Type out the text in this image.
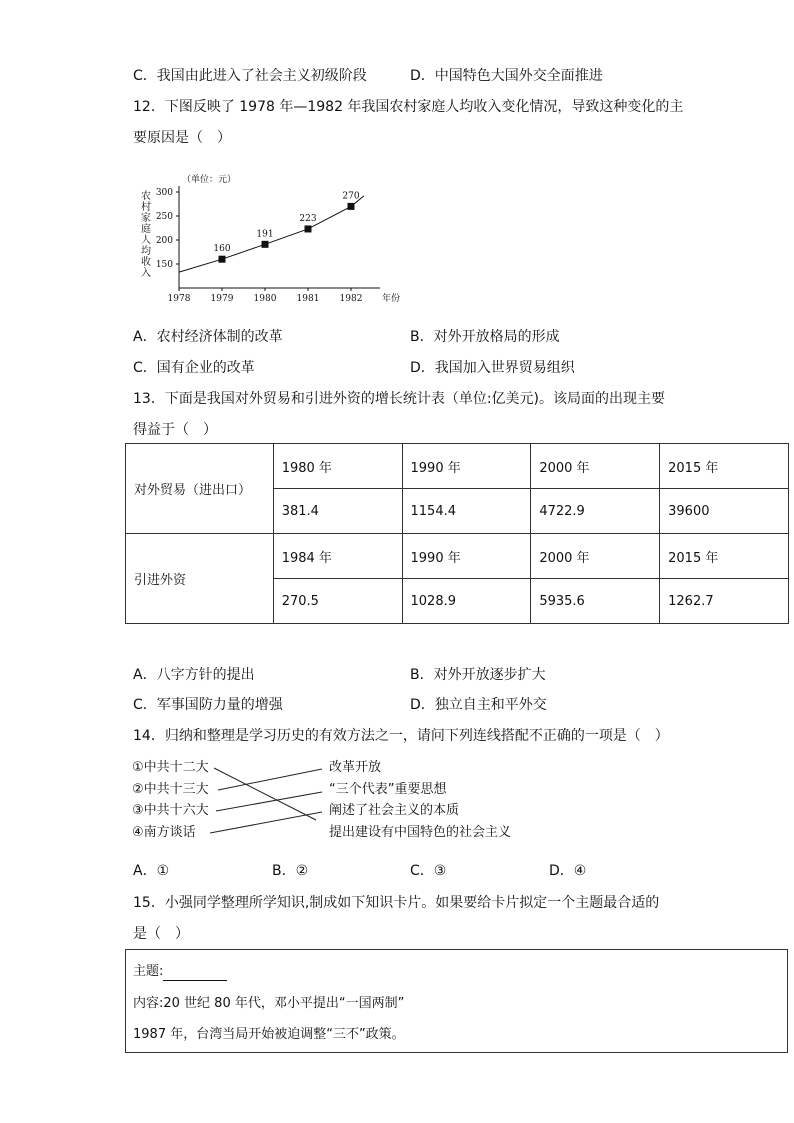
C．我国由此进入了社会主义初级阶段	D．中国特色大国外交全面推进
12．下图反映了 1978 年—1982 年我国农村家庭人均收入变化情况，导致这种变化的主
要原因是（　）
（单位：元）
农
村
家
庭
人
均
收
入
150
200
250
300
1978 1979 1980 1981 1982 年份
160
191
223
270
A．农村经济体制的改革	B．对外开放格局的形成
C．国有企业的改革	D．我国加入世界贸易组织
13．下面是我国对外贸易和引进外资的增长统计表（单位:亿美元)。该局面的出现主要
得益于（　）
对外贸易（进出口）	1980 年	1990 年	2000 年	2015 年
	381.4	1154.4	4722.9	39600
引进外资	1984 年	1990 年	2000 年	2015 年
	270.5	1028.9	5935.6	1262.7
A．八字方针的提出	B．对外开放逐步扩大
C．军事国防力量的增强	D．独立自主和平外交
14．归纳和整理是学习历史的有效方法之一，请问下列连线搭配不正确的一项是（　）
①中共十二大
②中共十三大
③中共十六大
④南方谈话
改革开放
“三个代表”重要思想
阐述了社会主义的本质
提出建设有中国特色的社会主义
A．①	B．②	C．③	D．④
15．小强同学整理所学知识,制成如下知识卡片。如果要给卡片拟定一个主题最合适的
是（　）
主题:
内容:20 世纪 80 年代，邓小平提出“一国两制”
1987 年，台湾当局开始被迫调整“三不”政策。
